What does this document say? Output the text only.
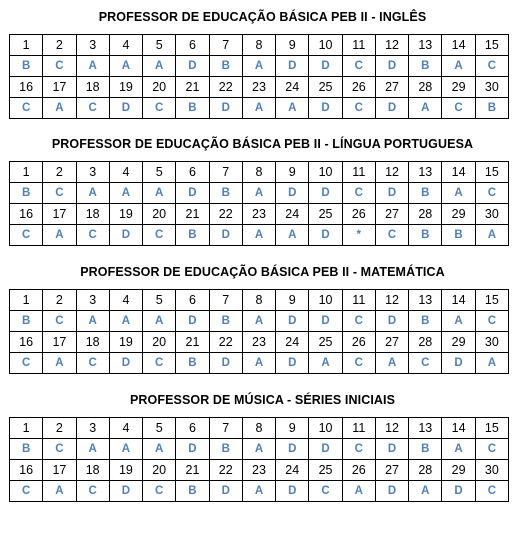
PROFESSOR DE EDUCAÇÃO BÁSICA PEB II - INGLÊS
1	2	3	4	5	6	7	8	9	10	11	12	13	14	15
B	C	A	A	A	D	B	A	D	D	C	D	B	A	C
16	17	18	19	20	21	22	23	24	25	26	27	28	29	30
C	A	C	D	C	B	D	A	A	D	C	D	A	C	B
PROFESSOR DE EDUCAÇÃO BÁSICA PEB II - LÍNGUA PORTUGUESA
1	2	3	4	5	6	7	8	9	10	11	12	13	14	15
B	C	A	A	A	D	B	A	D	D	C	D	B	A	C
16	17	18	19	20	21	22	23	24	25	26	27	28	29	30
C	A	C	D	C	B	D	A	A	D	*	C	B	B	A
PROFESSOR DE EDUCAÇÃO BÁSICA PEB II - MATEMÁTICA
1	2	3	4	5	6	7	8	9	10	11	12	13	14	15
B	C	A	A	A	D	B	A	D	D	C	D	B	A	C
16	17	18	19	20	21	22	23	24	25	26	27	28	29	30
C	A	C	D	C	B	D	A	D	A	C	A	C	D	A
PROFESSOR DE MÚSICA - SÉRIES INICIAIS
1	2	3	4	5	6	7	8	9	10	11	12	13	14	15
B	C	A	A	A	D	B	A	D	D	C	D	B	A	C
16	17	18	19	20	21	22	23	24	25	26	27	28	29	30
C	A	C	D	C	B	D	A	D	C	A	D	A	D	C
